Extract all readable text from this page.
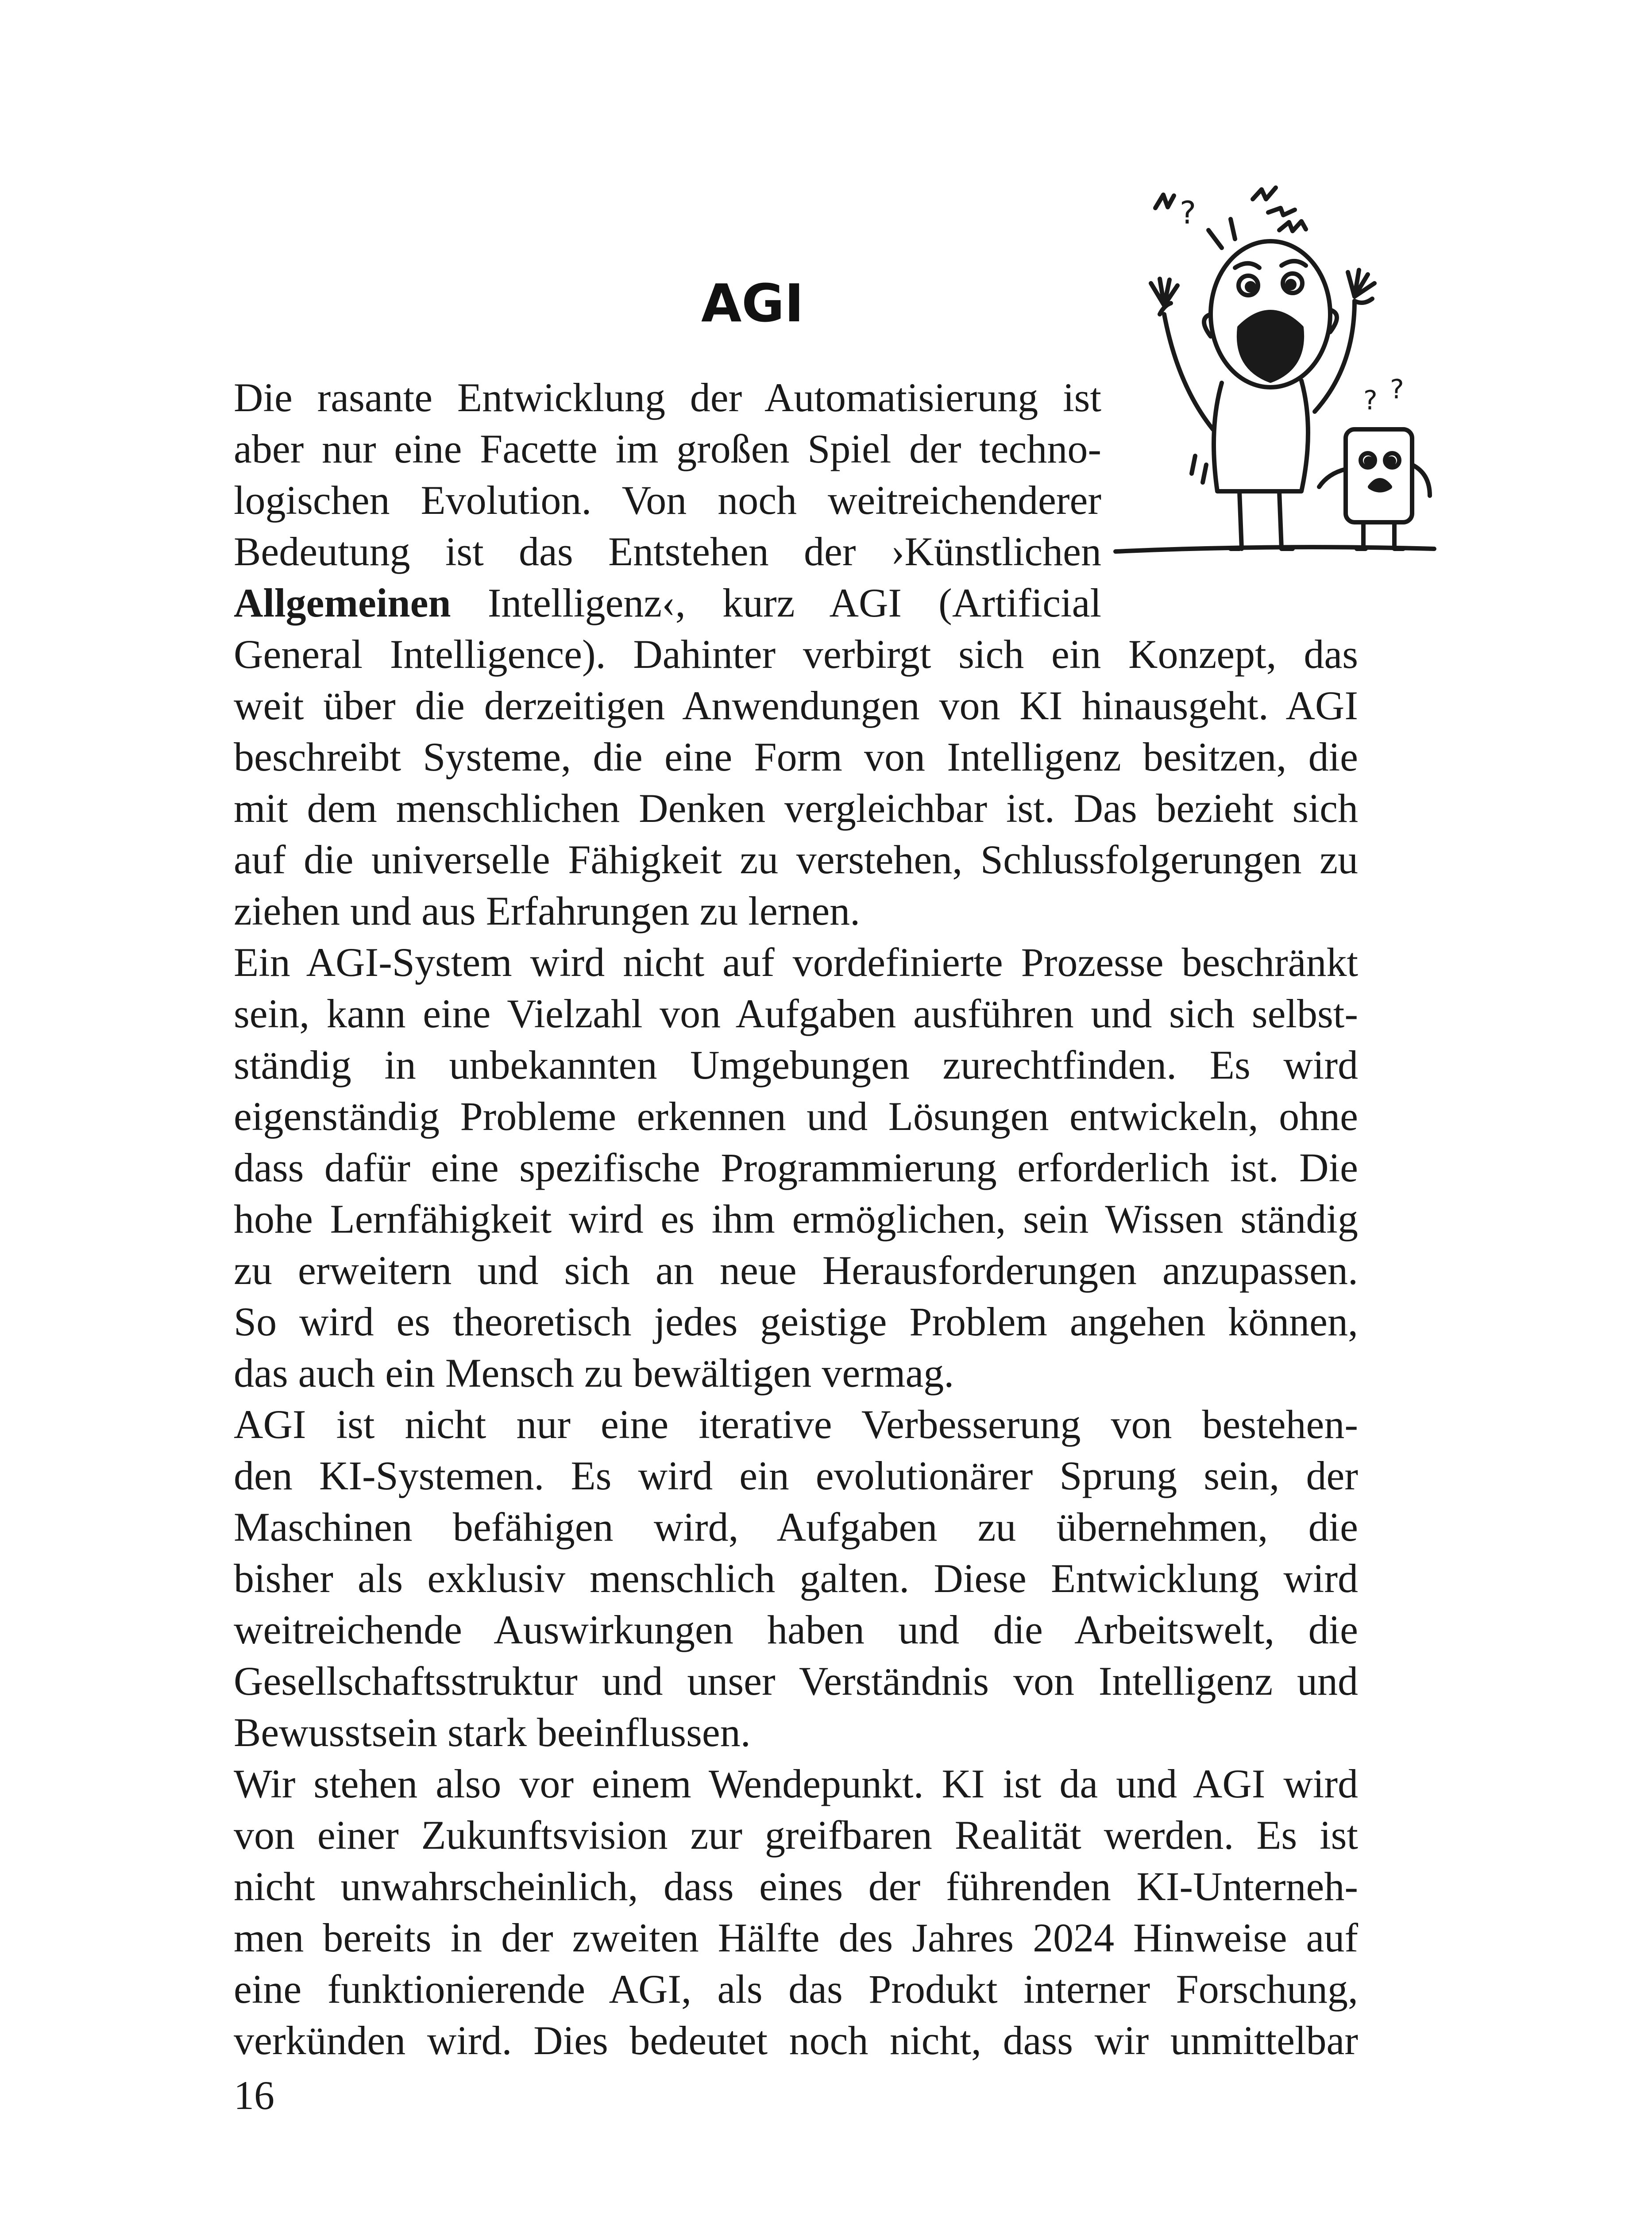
AGI
?
? ?
Die rasante Entwicklung der Automatisierung ist
aber nur eine Facette im großen Spiel der techno-
logischen Evolution. Von noch weitreichenderer
Bedeutung ist das Entstehen der ›Künstlichen
Allgemeinen Intelligenz‹, kurz AGI (Artificial
General Intelligence). Dahinter verbirgt sich ein Konzept, das
weit über die derzeitigen Anwendungen von KI hinausgeht. AGI
beschreibt Systeme, die eine Form von Intelligenz besitzen, die
mit dem menschlichen Denken vergleichbar ist. Das bezieht sich
auf die universelle Fähigkeit zu verstehen, Schlussfolgerungen zu
ziehen und aus Erfahrungen zu lernen.
Ein AGI-System wird nicht auf vordefinierte Prozesse beschränkt
sein, kann eine Vielzahl von Aufgaben ausführen und sich selbst-
ständig in unbekannten Umgebungen zurechtfinden. Es wird
eigenständig Probleme erkennen und Lösungen entwickeln, ohne
dass dafür eine spezifische Programmierung erforderlich ist. Die
hohe Lernfähigkeit wird es ihm ermöglichen, sein Wissen ständig
zu erweitern und sich an neue Herausforderungen anzupassen.
So wird es theoretisch jedes geistige Problem angehen können,
das auch ein Mensch zu bewältigen vermag.
AGI ist nicht nur eine iterative Verbesserung von bestehen-
den KI-Systemen. Es wird ein evolutionärer Sprung sein, der
Maschinen befähigen wird, Aufgaben zu übernehmen, die
bisher als exklusiv menschlich galten. Diese Entwicklung wird
weitreichende Auswirkungen haben und die Arbeitswelt, die
Gesellschaftsstruktur und unser Verständnis von Intelligenz und
Bewusstsein stark beeinflussen.
Wir stehen also vor einem Wendepunkt. KI ist da und AGI wird
von einer Zukunftsvision zur greifbaren Realität werden. Es ist
nicht unwahrscheinlich, dass eines der führenden KI-Unterneh-
men bereits in der zweiten Hälfte des Jahres 2024 Hinweise auf
eine funktionierende AGI, als das Produkt interner Forschung,
verkünden wird. Dies bedeutet noch nicht, dass wir unmittelbar

16
